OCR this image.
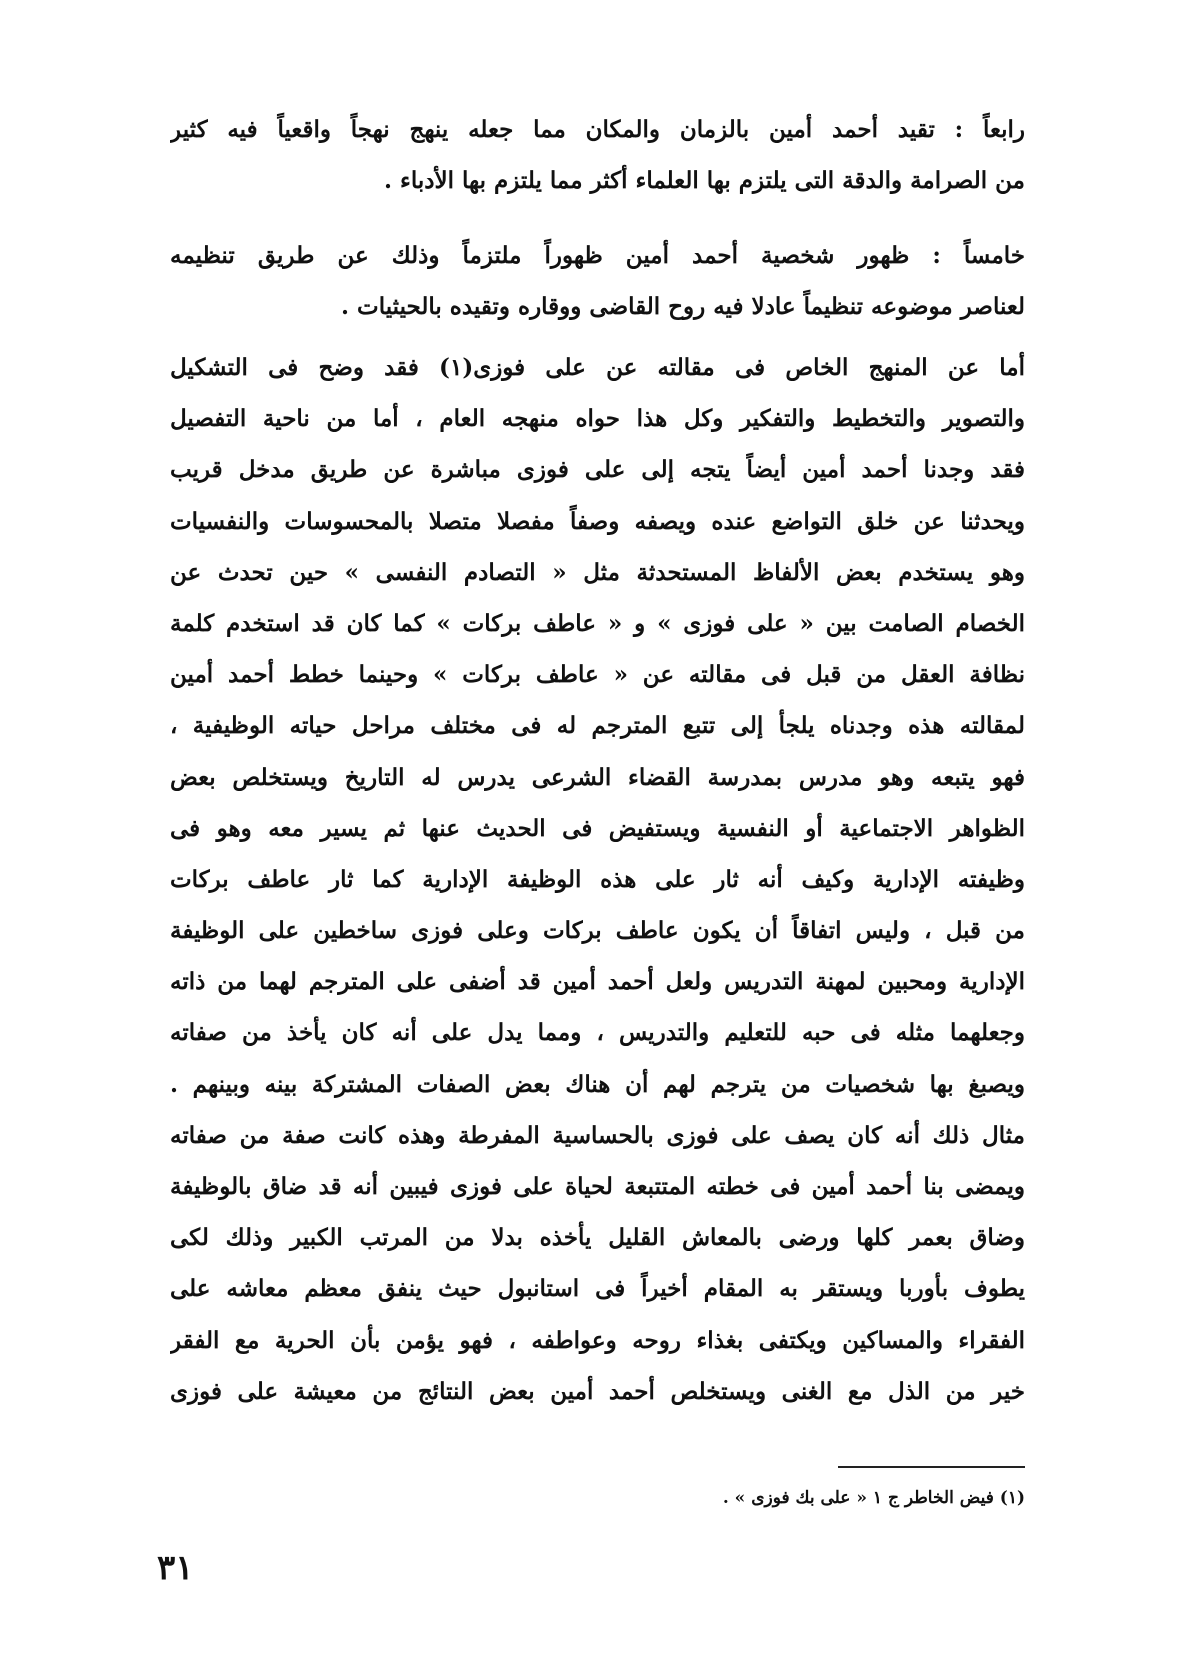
رابعاً : تقيد أحمد أمين بالزمان والمكان مما جعله ينهج نهجاً واقعياً فيه كثير
من الصرامة والدقة التى يلتزم بها العلماء أكثر مما يلتزم بها الأدباء .
خامساً : ظهور شخصية أحمد أمين ظهوراً ملتزماً وذلك عن طريق تنظيمه
لعناصر موضوعه تنظيماً عادلا فيه روح القاضى ووقاره وتقيده بالحيثيات .
أما عن المنهج الخاص فى مقالته عن على فوزى(١) فقد وضح فى التشكيل
والتصوير والتخطيط والتفكير وكل هذا حواه منهجه العام ، أما من ناحية التفصيل
فقد وجدنا أحمد أمين أيضاً يتجه إلى على فوزى مباشرة عن طريق مدخل قريب
ويحدثنا عن خلق التواضع عنده ويصفه وصفاً مفصلا متصلا بالمحسوسات والنفسيات
وهو يستخدم بعض الألفاظ المستحدثة مثل « التصادم النفسى » حين تحدث عن
الخصام الصامت بين « على فوزى » و « عاطف بركات » كما كان قد استخدم كلمة
نظافة العقل من قبل فى مقالته عن « عاطف بركات » وحينما خطط أحمد أمين
لمقالته هذه وجدناه يلجأ إلى تتبع المترجم له فى مختلف مراحل حياته الوظيفية ،
فهو يتبعه وهو مدرس بمدرسة القضاء الشرعى يدرس له التاريخ ويستخلص بعض
الظواهر الاجتماعية أو النفسية ويستفيض فى الحديث عنها ثم يسير معه وهو فى
وظيفته الإدارية وكيف أنه ثار على هذه الوظيفة الإدارية كما ثار عاطف بركات
من قبل ، وليس اتفاقاً أن يكون عاطف بركات وعلى فوزى ساخطين على الوظيفة
الإدارية ومحبين لمهنة التدريس ولعل أحمد أمين قد أضفى على المترجم لهما من ذاته
وجعلهما مثله فى حبه للتعليم والتدريس ، ومما يدل على أنه كان يأخذ من صفاته
ويصبغ بها شخصيات من يترجم لهم أن هناك بعض الصفات المشتركة بينه وبينهم .
مثال ذلك أنه كان يصف على فوزى بالحساسية المفرطة وهذه كانت صفة من صفاته
ويمضى بنا أحمد أمين فى خطته المتتبعة لحياة على فوزى فيبين أنه قد ضاق بالوظيفة
وضاق بعمر كلها ورضى بالمعاش القليل يأخذه بدلا من المرتب الكبير وذلك لكى
يطوف بأوربا ويستقر به المقام أخيراً فى استانبول حيث ينفق معظم معاشه على
الفقراء والمساكين ويكتفى بغذاء روحه وعواطفه ، فهو يؤمن بأن الحرية مع الفقر
خير من الذل مع الغنى ويستخلص أحمد أمين بعض النتائج من معيشة على فوزى
(١) فيض الخاطر ج ١ « على بك فوزى » .
٣١
